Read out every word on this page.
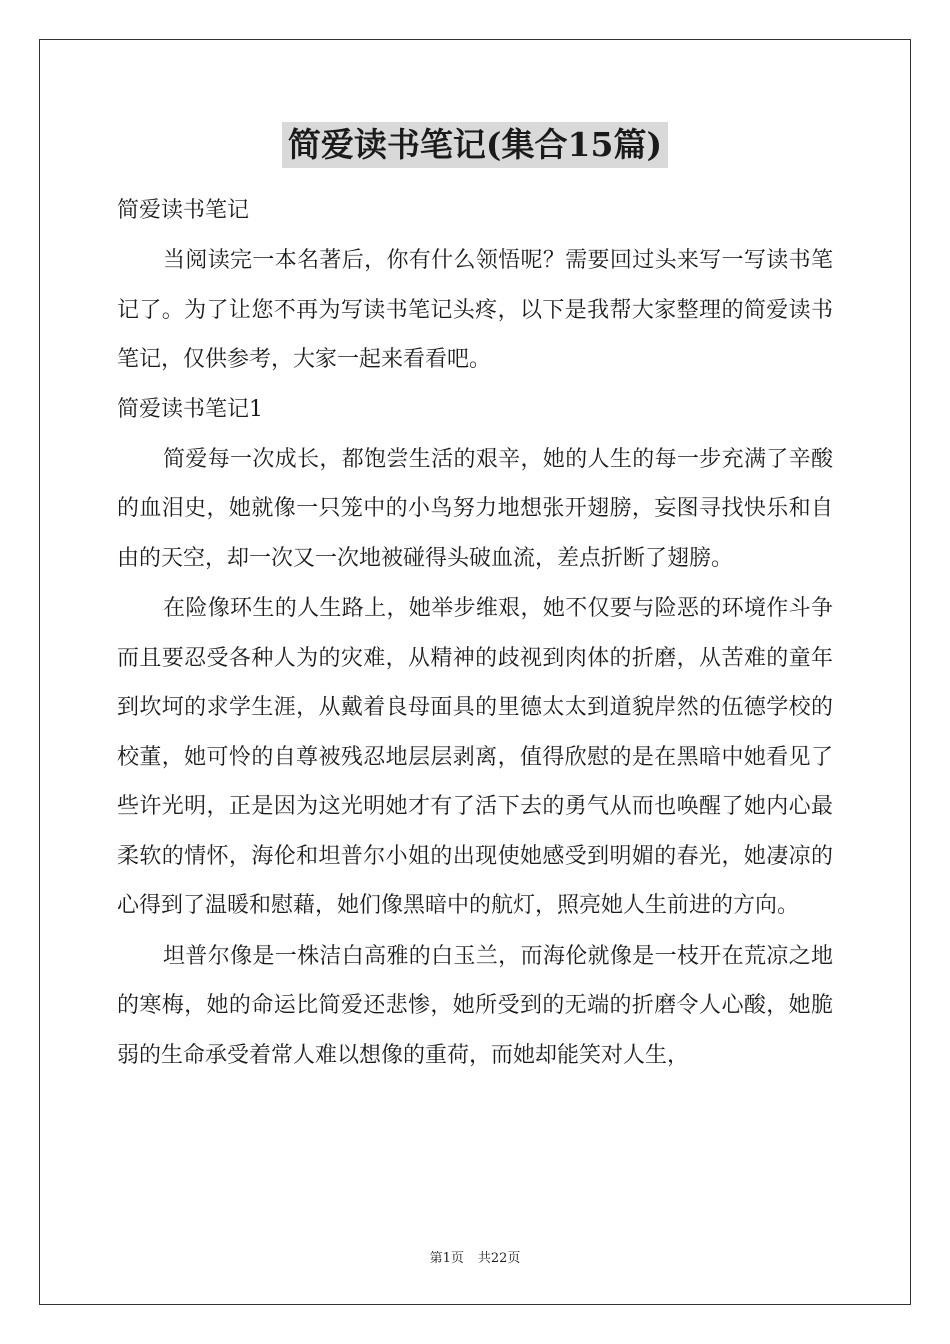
简爱读书笔记(集合15篇)

简爱读书笔记

当阅读完一本名著后，你有什么领悟呢？需要回过头来写一写读书笔记了。为了让您不再为写读书笔记头疼，以下是我帮大家整理的简爱读书笔记，仅供参考，大家一起来看看吧。

简爱读书笔记1

简爱每一次成长，都饱尝生活的艰辛，她的人生的每一步充满了辛酸的血泪史，她就像一只笼中的小鸟努力地想张开翅膀，妄图寻找快乐和自由的天空，却一次又一次地被碰得头破血流，差点折断了翅膀。

在险像环生的人生路上，她举步维艰，她不仅要与险恶的环境作斗争而且要忍受各种人为的灾难，从精神的歧视到肉体的折磨，从苦难的童年到坎坷的求学生涯，从戴着良母面具的里德太太到道貌岸然的伍德学校的校董，她可怜的自尊被残忍地层层剥离，值得欣慰的是在黑暗中她看见了些许光明，正是因为这光明她才有了活下去的勇气从而也唤醒了她内心最柔软的情怀，海伦和坦普尔小姐的出现使她感受到明媚的春光，她凄凉的心得到了温暖和慰藉，她们像黑暗中的航灯，照亮她人生前进的方向。

坦普尔像是一株洁白高雅的白玉兰，而海伦就像是一枝开在荒凉之地的寒梅，她的命运比简爱还悲惨，她所受到的无端的折磨令人心酸，她脆弱的生命承受着常人难以想像的重荷，而她却能笑对人生，

第1页 共22页
